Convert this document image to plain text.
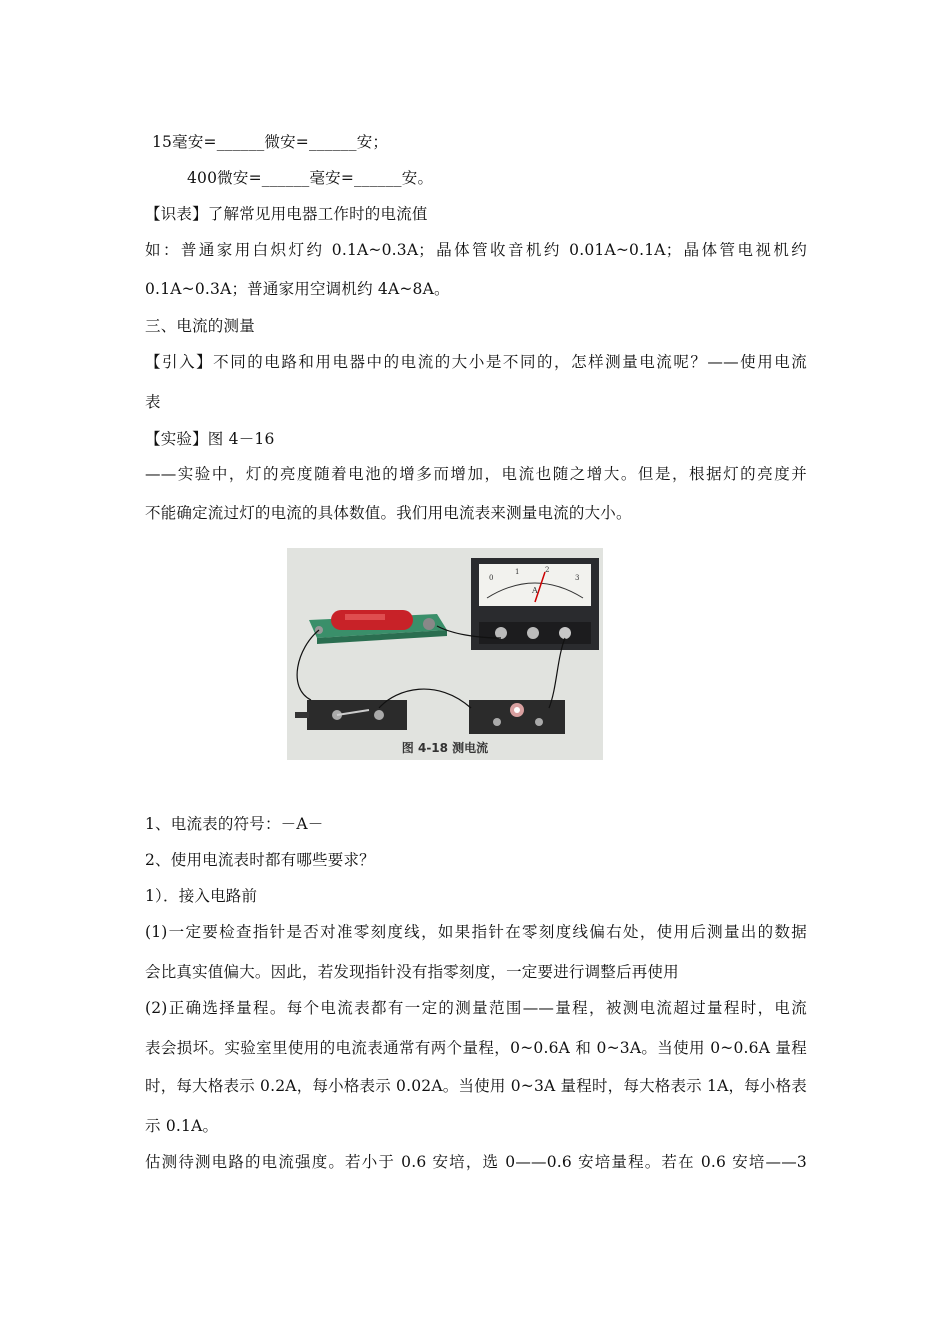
15毫安=______微安=______安；
400微安=______毫安=______安。
【识表】了解常见用电器工作时的电流值
如：普通家用白炽灯约 0.1A~0.3A；晶体管收音机约 0.01A~0.1A；晶体管电视机约
0.1A~0.3A；普通家用空调机约 4A~8A。
三、电流的测量
【引入】不同的电路和用电器中的电流的大小是不同的，怎样测量电流呢？——使用电流
表
【实验】图 4－16
——实验中，灯的亮度随着电池的增多而增加，电流也随之增大。但是，根据灯的亮度并
不能确定流过灯的电流的具体数值。我们用电流表来测量电流的大小。
0
1	2
3
A
图 4-18 测电流
1、电流表的符号：－A－
2、使用电流表时都有哪些要求？
1）．接入电路前
(1)一定要检查指针是否对准零刻度线，如果指针在零刻度线偏右处，使用后测量出的数据
会比真实值偏大。因此，若发现指针没有指零刻度，一定要进行调整后再使用
(2)正确选择量程。每个电流表都有一定的测量范围——量程，被测电流超过量程时，电流
表会损坏。实验室里使用的电流表通常有两个量程，0~0.6A 和 0~3A。当使用 0~0.6A 量程
时，每大格表示 0.2A，每小格表示 0.02A。当使用 0~3A 量程时，每大格表示 1A，每小格表
示 0.1A。
估测待测电路的电流强度。若小于 0.6 安培，选 0——0.6 安培量程。若在 0.6 安培——3
